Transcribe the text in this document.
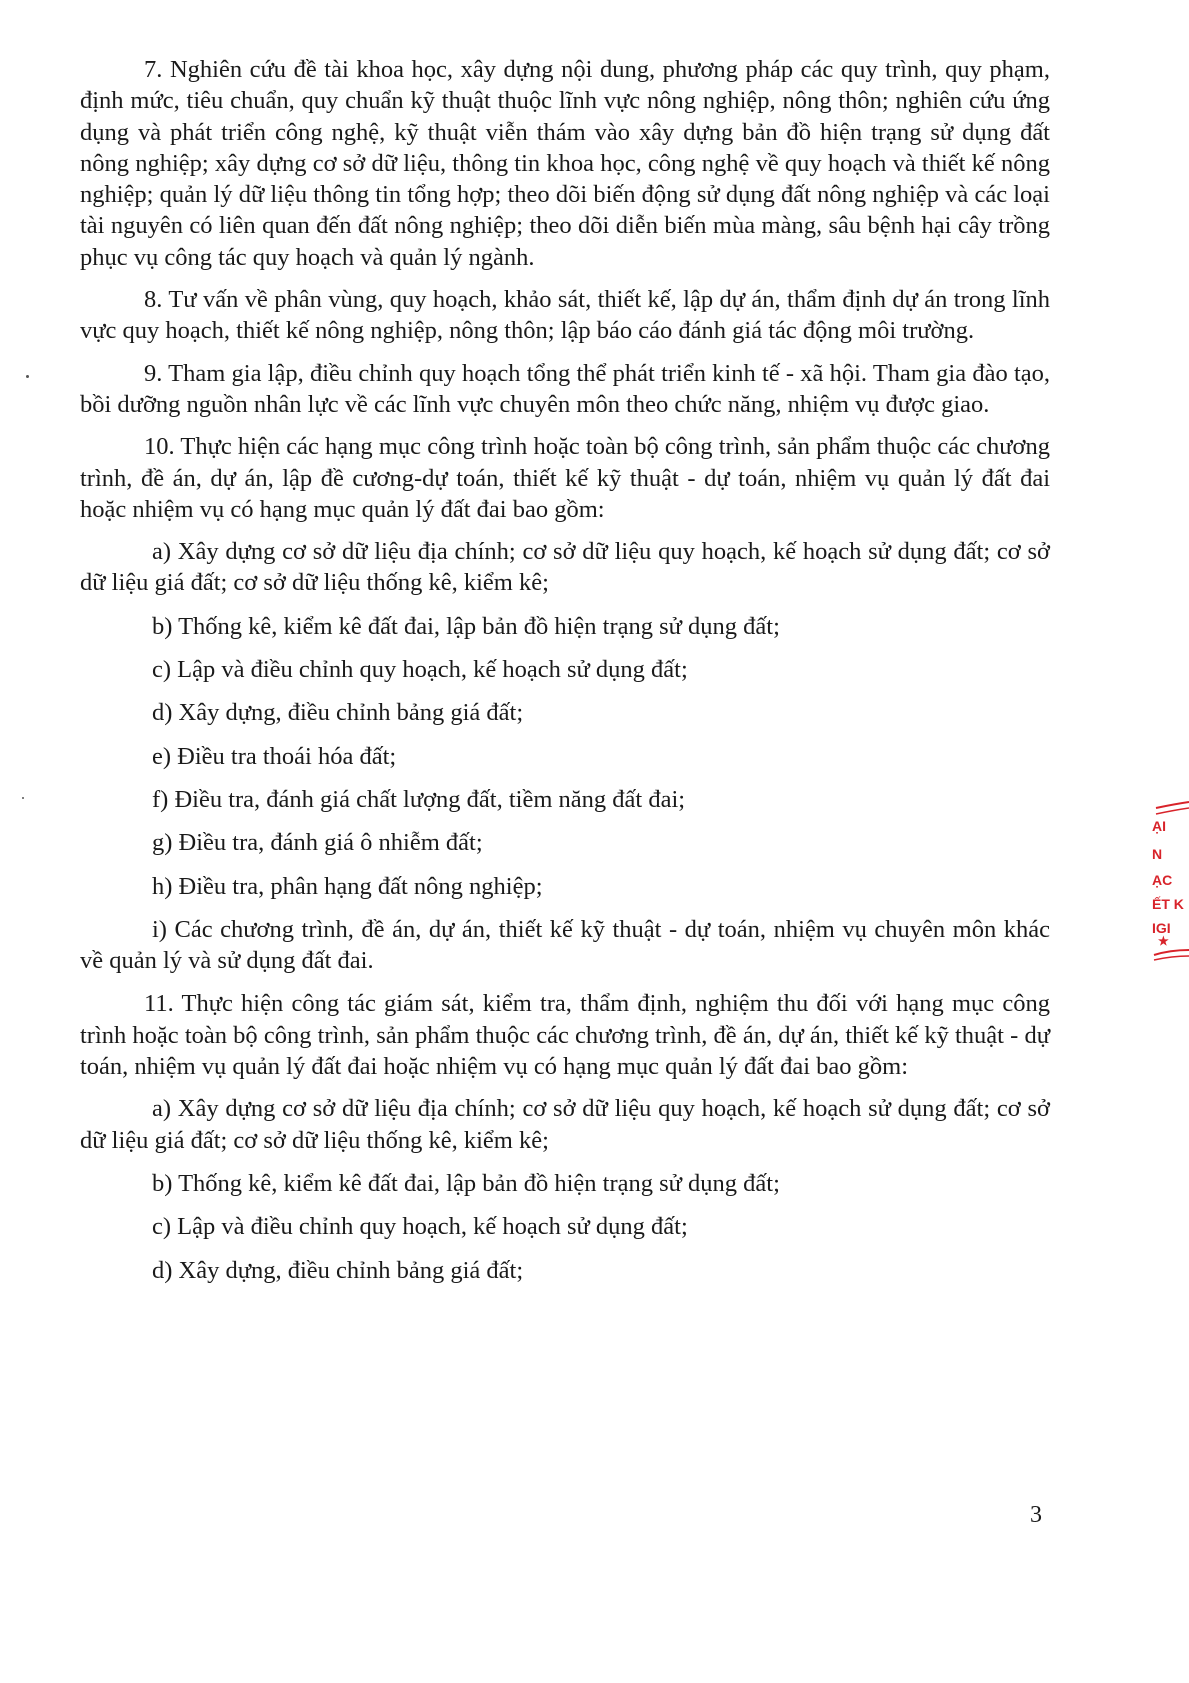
7. Nghiên cứu đề tài khoa học, xây dựng nội dung, phương pháp các quy trình, quy phạm, định mức, tiêu chuẩn, quy chuẩn kỹ thuật thuộc lĩnh vực nông nghiệp, nông thôn; nghiên cứu ứng dụng và phát triển công nghệ, kỹ thuật viễn thám vào xây dựng bản đồ hiện trạng sử dụng đất nông nghiệp; xây dựng cơ sở dữ liệu, thông tin khoa học, công nghệ về quy hoạch và thiết kế nông nghiệp; quản lý dữ liệu thông tin tổng hợp; theo dõi biến động sử dụng đất nông nghiệp và các loại tài nguyên có liên quan đến đất nông nghiệp; theo dõi diễn biến mùa màng, sâu bệnh hại cây trồng phục vụ công tác quy hoạch và quản lý ngành.

8. Tư vấn về phân vùng, quy hoạch, khảo sát, thiết kế, lập dự án, thẩm định dự án trong lĩnh vực quy hoạch, thiết kế nông nghiệp, nông thôn; lập báo cáo đánh giá tác động môi trường.

9. Tham gia lập, điều chỉnh quy hoạch tổng thể phát triển kinh tế - xã hội. Tham gia đào tạo, bồi dưỡng nguồn nhân lực về các lĩnh vực chuyên môn theo chức năng, nhiệm vụ được giao.

10. Thực hiện các hạng mục công trình hoặc toàn bộ công trình, sản phẩm thuộc các chương trình, đề án, dự án, lập đề cương-dự toán, thiết kế kỹ thuật - dự toán, nhiệm vụ quản lý đất đai hoặc nhiệm vụ có hạng mục quản lý đất đai bao gồm:

a) Xây dựng cơ sở dữ liệu địa chính; cơ sở dữ liệu quy hoạch, kế hoạch sử dụng đất; cơ sở dữ liệu giá đất; cơ sở dữ liệu thống kê, kiểm kê;

b) Thống kê, kiểm kê đất đai, lập bản đồ hiện trạng sử dụng đất;

c) Lập và điều chỉnh quy hoạch, kế hoạch sử dụng đất;

d) Xây dựng, điều chỉnh bảng giá đất;

e) Điều tra thoái hóa đất;

f) Điều tra, đánh giá chất lượng đất, tiềm năng đất đai;

g) Điều tra, đánh giá ô nhiễm đất;

h) Điều tra, phân hạng đất nông nghiệp;

i) Các chương trình, đề án, dự án, thiết kế kỹ thuật - dự toán, nhiệm vụ chuyên môn khác về quản lý và sử dụng đất đai.

11. Thực hiện công tác giám sát, kiểm tra, thẩm định, nghiệm thu đối với hạng mục công trình hoặc toàn bộ công trình, sản phẩm thuộc các chương trình, đề án, dự án, thiết kế kỹ thuật - dự toán, nhiệm vụ quản lý đất đai hoặc nhiệm vụ có hạng mục quản lý đất đai bao gồm:

a) Xây dựng cơ sở dữ liệu địa chính; cơ sở dữ liệu quy hoạch, kế hoạch sử dụng đất; cơ sở dữ liệu giá đất; cơ sở dữ liệu thống kê, kiểm kê;

b) Thống kê, kiểm kê đất đai, lập bản đồ hiện trạng sử dụng đất;

c) Lập và điều chỉnh quy hoạch, kế hoạch sử dụng đất;

d) Xây dựng, điều chỉnh bảng giá đất;

3
★
ẠI
N
ẠC
ẾT K
IGI
